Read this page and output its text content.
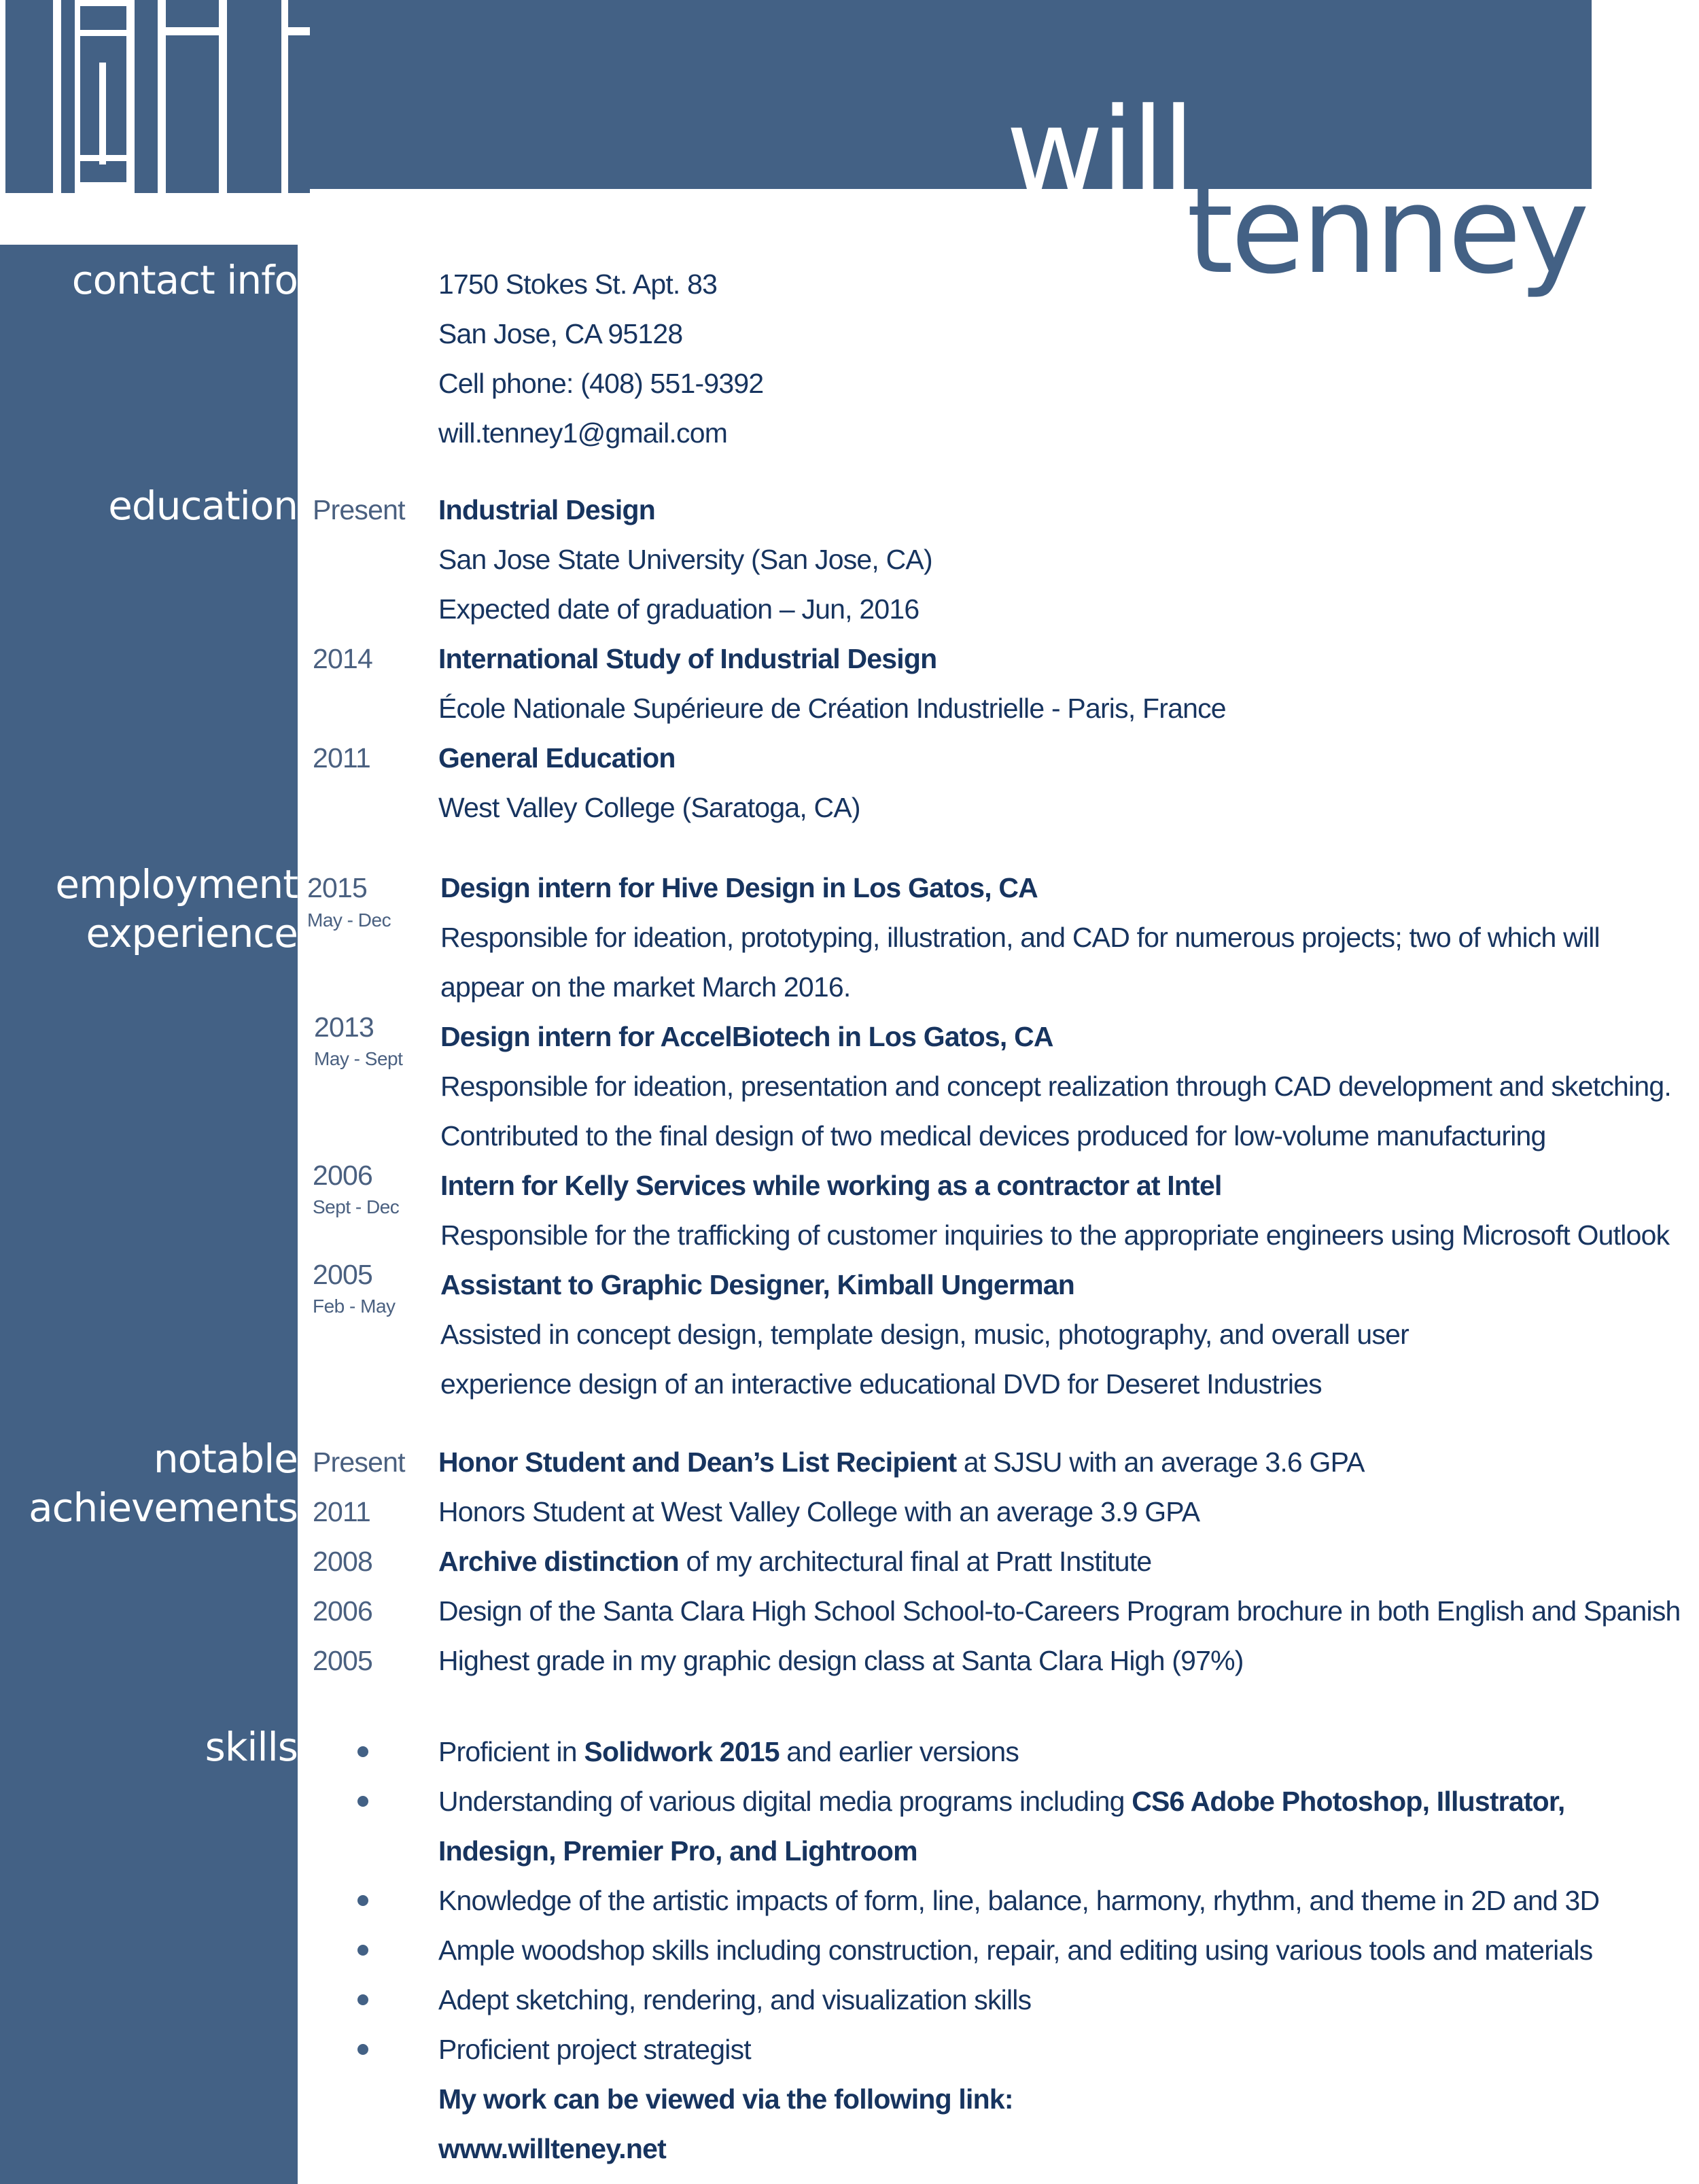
will
tenney
contact info
education
employment
experience
notable
achievements
skills
1750 Stokes St. Apt. 83
San Jose, CA 95128
Cell phone: (408) 551-9392
will.tenney1@gmail.com
Present Industrial Design
San Jose State University (San Jose, CA)
Expected date of graduation – Jun, 2016
2014 International Study of Industrial Design
École Nationale Supérieure de Création Industrielle - Paris, France
2011 General Education
West Valley College (Saratoga, CA)
2015
May - Dec
Design intern for Hive Design in Los Gatos, CA
Responsible for ideation, prototyping, illustration, and CAD for numerous projects; two of which will
appear on the market March 2016.
2013
May - Sept
Design intern for AccelBiotech in Los Gatos, CA
Responsible for ideation, presentation and concept realization through CAD development and sketching.
Contributed to the final design of two medical devices produced for low-volume manufacturing
2006
Sept - Dec
Intern for Kelly Services while working as a contractor at Intel
Responsible for the trafficking of customer inquiries to the appropriate engineers using Microsoft Outlook
2005
Feb - May
Assistant to Graphic Designer, Kimball Ungerman
Assisted in concept design, template design, music, photography, and overall user
experience design of an interactive educational DVD for Deseret Industries
Present Honor Student and Dean’s List Recipient at SJSU with an average 3.6 GPA
2011 Honors Student at West Valley College with an average 3.9 GPA
2008 Archive distinction of my architectural final at Pratt Institute
2006 Design of the Santa Clara High School School-to-Careers Program brochure in both English and Spanish
2005 Highest grade in my graphic design class at Santa Clara High (97%)
Proficient in Solidwork 2015 and earlier versions
Understanding of various digital media programs including CS6 Adobe Photoshop, Illustrator,
Indesign, Premier Pro, and Lightroom
Knowledge of the artistic impacts of form, line, balance, harmony, rhythm, and theme in 2D and 3D
Ample woodshop skills including construction, repair, and editing using various tools and materials
Adept sketching, rendering, and visualization skills
Proficient project strategist
My work can be viewed via the following link:
www.willteney.net
